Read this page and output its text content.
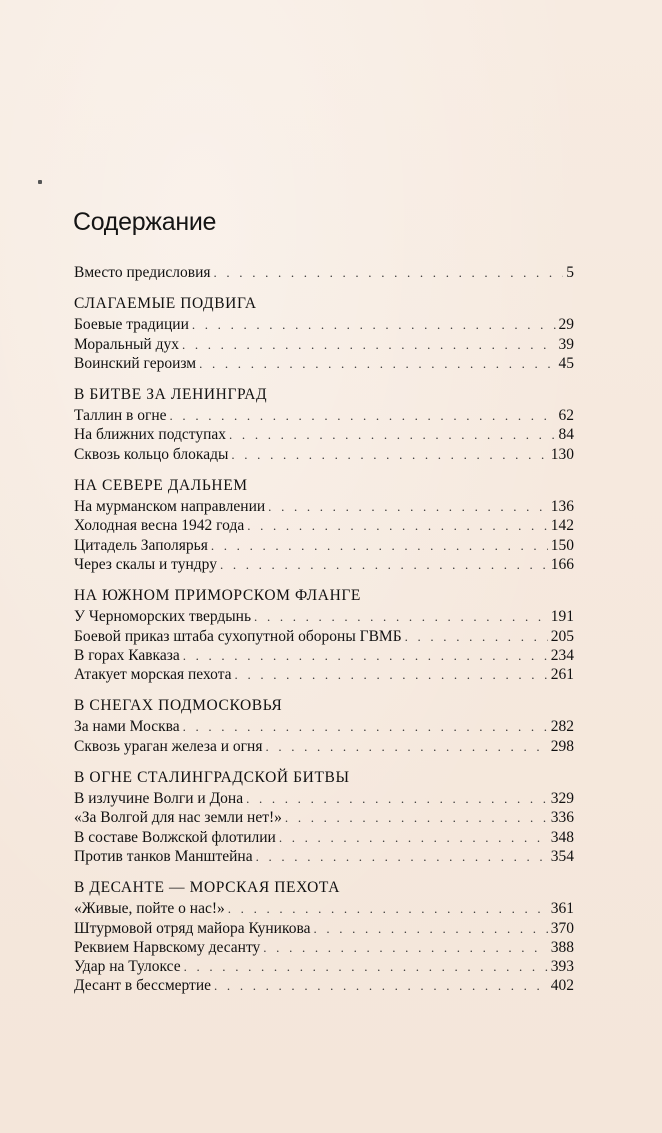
Содержание
Вместо предисловия . . .	5
СЛАГАЕМЫЕ ПОДВИГА
Боевые традиции . . .	29
Моральный дух . . .	39
Воинский героизм . . .	45
В БИТВЕ ЗА ЛЕНИНГРАД
Таллин в огне . . .	62
На ближних подступах . . .	84
Сквозь кольцо блокады . . .	130
НА СЕВЕРЕ ДАЛЬНЕМ
На мурманском направлении . . .	136
Холодная весна 1942 года . . .	142
Цитадель Заполярья . . .	150
Через скалы и тундру . . .	166
НА ЮЖНОМ ПРИМОРСКОМ ФЛАНГЕ
У Черноморских твердынь . . .	191
Боевой приказ штаба сухопутной обороны ГВМБ . . .	205
В горах Кавказа . . .	234
Атакует морская пехота . . .	261
В СНЕГАХ ПОДМОСКОВЬЯ
За нами Москва . . .	282
Сквозь ураган железа и огня . . .	298
В ОГНЕ СТАЛИНГРАДСКОЙ БИТВЫ
В излучине Волги и Дона . . .	329
«За Волгой для нас земли нет!» . . .	336
В составе Волжской флотилии . . .	348
Против танков Манштейна . . .	354
В ДЕСАНТЕ — МОРСКАЯ ПЕХОТА
«Живые, пойте о нас!» . . .	361
Штурмовой отряд майора Куникова . . .	370
Реквием Нарвскому десанту . . .	388
Удар на Тулоксе . . .	393
Десант в бессмертие . . .	402
